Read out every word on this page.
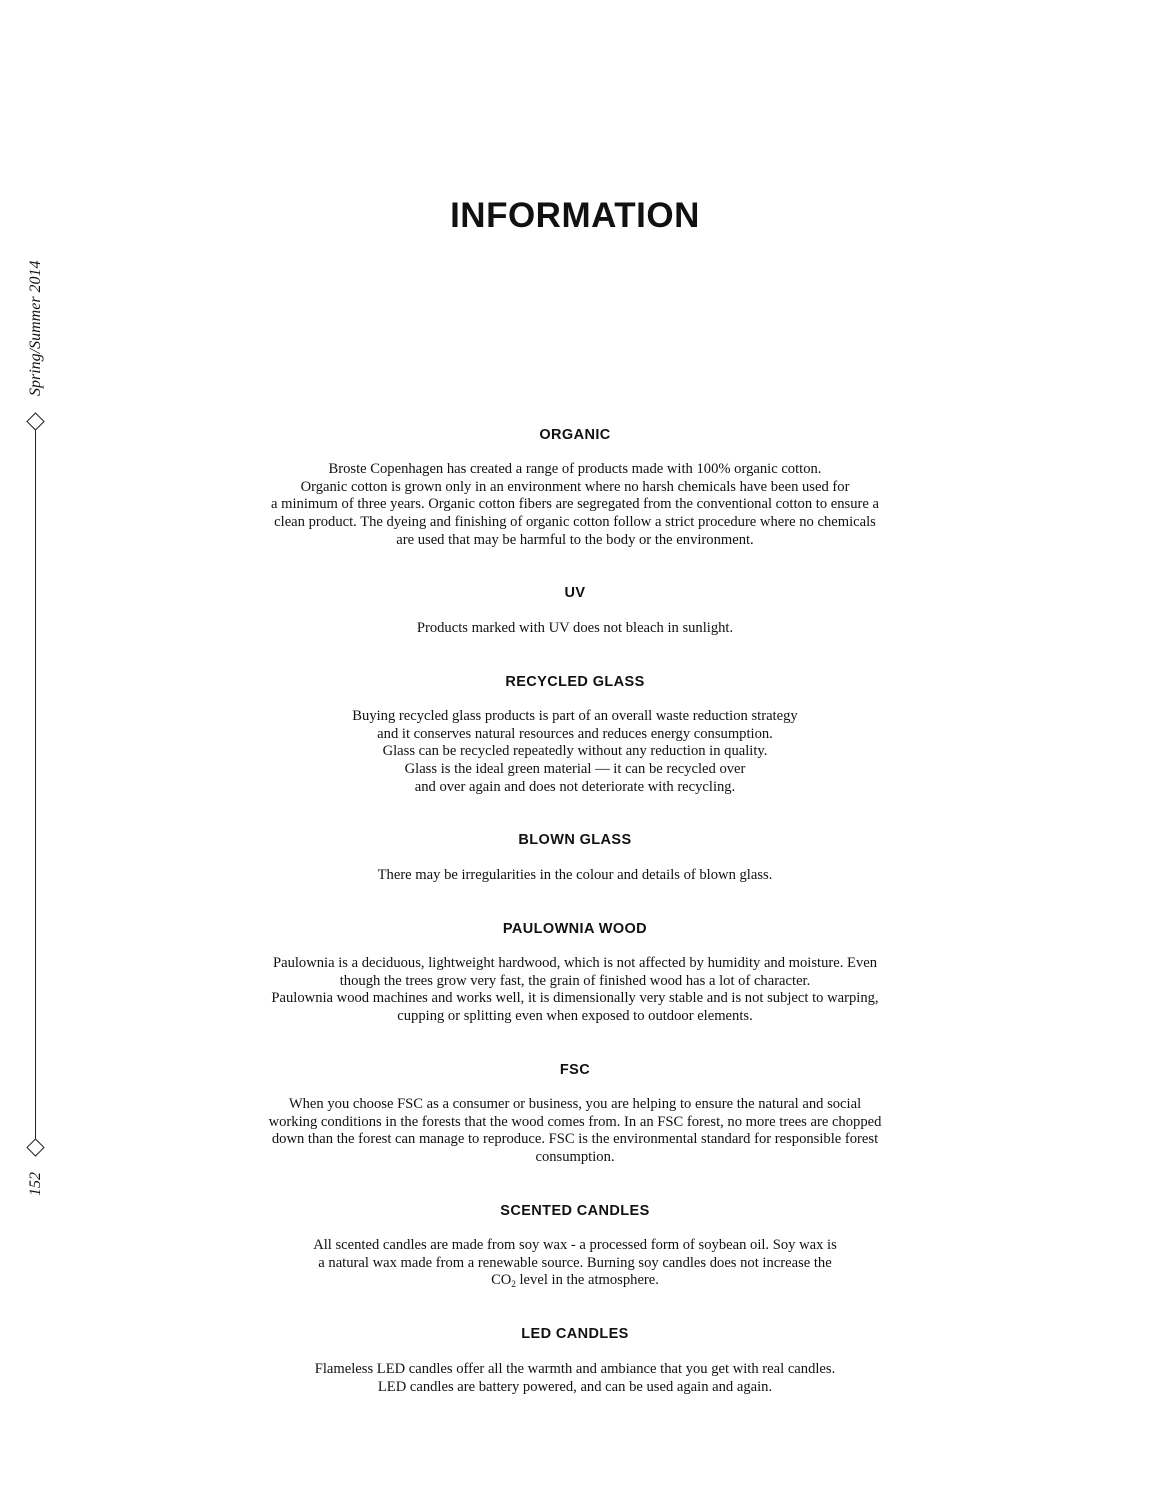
Spring/Summer 2014
152
INFORMATION
ORGANIC

Broste Copenhagen has created a range of products made with 100% organic cotton.
Organic cotton is grown only in an environment where no harsh chemicals have been used for
a minimum of three years. Organic cotton fibers are segregated from the conventional cotton to ensure a
clean product. The dyeing and finishing of organic cotton follow a strict procedure where no chemicals
are used that may be harmful to the body or the environment.

UV

Products marked with UV does not bleach in sunlight.

RECYCLED GLASS

Buying recycled glass products is part of an overall waste reduction strategy
and it conserves natural resources and reduces energy consumption.
Glass can be recycled repeatedly without any reduction in quality.
Glass is the ideal green material — it can be recycled over
and over again and does not deteriorate with recycling.

BLOWN GLASS

There may be irregularities in the colour and details of blown glass.

PAULOWNIA WOOD

Paulownia is a deciduous, lightweight hardwood, which is not affected by humidity and moisture. Even
though the trees grow very fast, the grain of finished wood has a lot of character.
Paulownia wood machines and works well, it is dimensionally very stable and is not subject to warping,
cupping or splitting even when exposed to outdoor elements.

FSC

When you choose FSC as a consumer or business, you are helping to ensure the natural and social
working conditions in the forests that the wood comes from. In an FSC forest, no more trees are chopped
down than the forest can manage to reproduce. FSC is the environmental standard for responsible forest
consumption.

SCENTED CANDLES
All scented candles are made from soy wax - a processed form of soybean oil. Soy wax is
a natural wax made from a renewable source. Burning soy candles does not increase the
$CO_2$ level in the atmosphere.
LED CANDLES

Flameless LED candles offer all the warmth and ambiance that you get with real candles.
LED candles are battery powered, and can be used again and again.
